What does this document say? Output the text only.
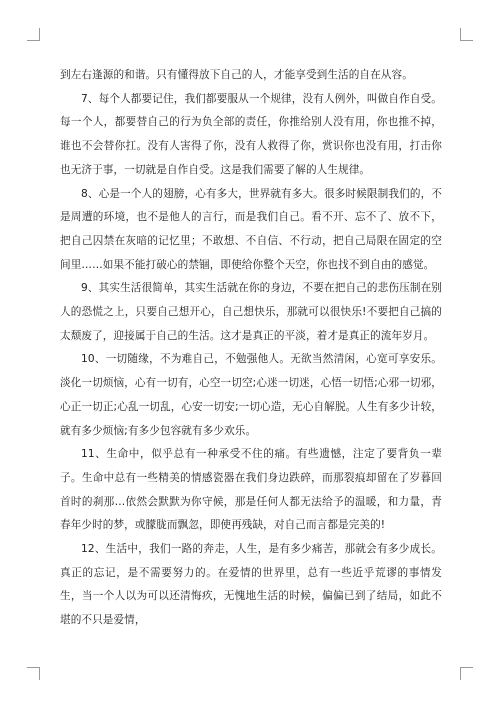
到左右逢源的和谐。只有懂得放下自己的人，才能享受到生活的自在从容。

7、每个人都要记住，我们都要服从一个规律，没有人例外，叫做自作自受。每一个人，都要替自己的行为负全部的责任，你推给别人没有用，你也推不掉，谁也不会替你扛。没有人害得了你，没有人救得了你，赏识你也没有用，打击你也无济于事，一切就是自作自受。这是我们需要了解的人生规律。

8、心是一个人的翅膀，心有多大，世界就有多大。很多时候限制我们的，不是周遭的环境，也不是他人的言行，而是我们自己。看不开、忘不了、放不下，把自己囚禁在灰暗的记忆里；不敢想、不自信、不行动，把自己局限在固定的空间里……如果不能打破心的禁锢，即使给你整个天空，你也找不到自由的感觉。

9、其实生活很简单，其实生活就在你的身边，不要在把自己的悲伤压制在别人的恐慌之上，只要自己想开心，自己想快乐，那就可以很快乐!不要把自己搞的太颓废了，迎接属于自己的生活。这才是真正的平淡，着才是真正的流年岁月。

10、一切随缘，不为难自己，不勉强他人。无欲当然清闲，心宽可享安乐。淡化一切烦恼，心有一切有，心空一切空;心迷一切迷，心悟一切悟;心邪一切邪，心正一切正;心乱一切乱，心安一切安;一切心造，无心自解脱。人生有多少计较，就有多少烦恼;有多少包容就有多少欢乐。

11、生命中，似乎总有一种承受不住的痛。有些遗憾，注定了要背负一辈子。生命中总有一些精美的情感瓷器在我们身边跌碎，而那裂痕却留在了岁暮回首时的刹那…依然会默默为你守候，那是任何人都无法给予的温暖，和力量，青春年少时的梦，或朦胧而飘忽，即使再残缺，对自己而言都是完美的!

12、生活中，我们一路的奔走，人生，是有多少痛苦，那就会有多少成长。真正的忘记，是不需要努力的。在爱情的世界里，总有一些近乎荒谬的事情发生，当一个人以为可以还清悔疚，无愧地生活的时候，偏偏已到了结局，如此不堪的不只是爱情，
